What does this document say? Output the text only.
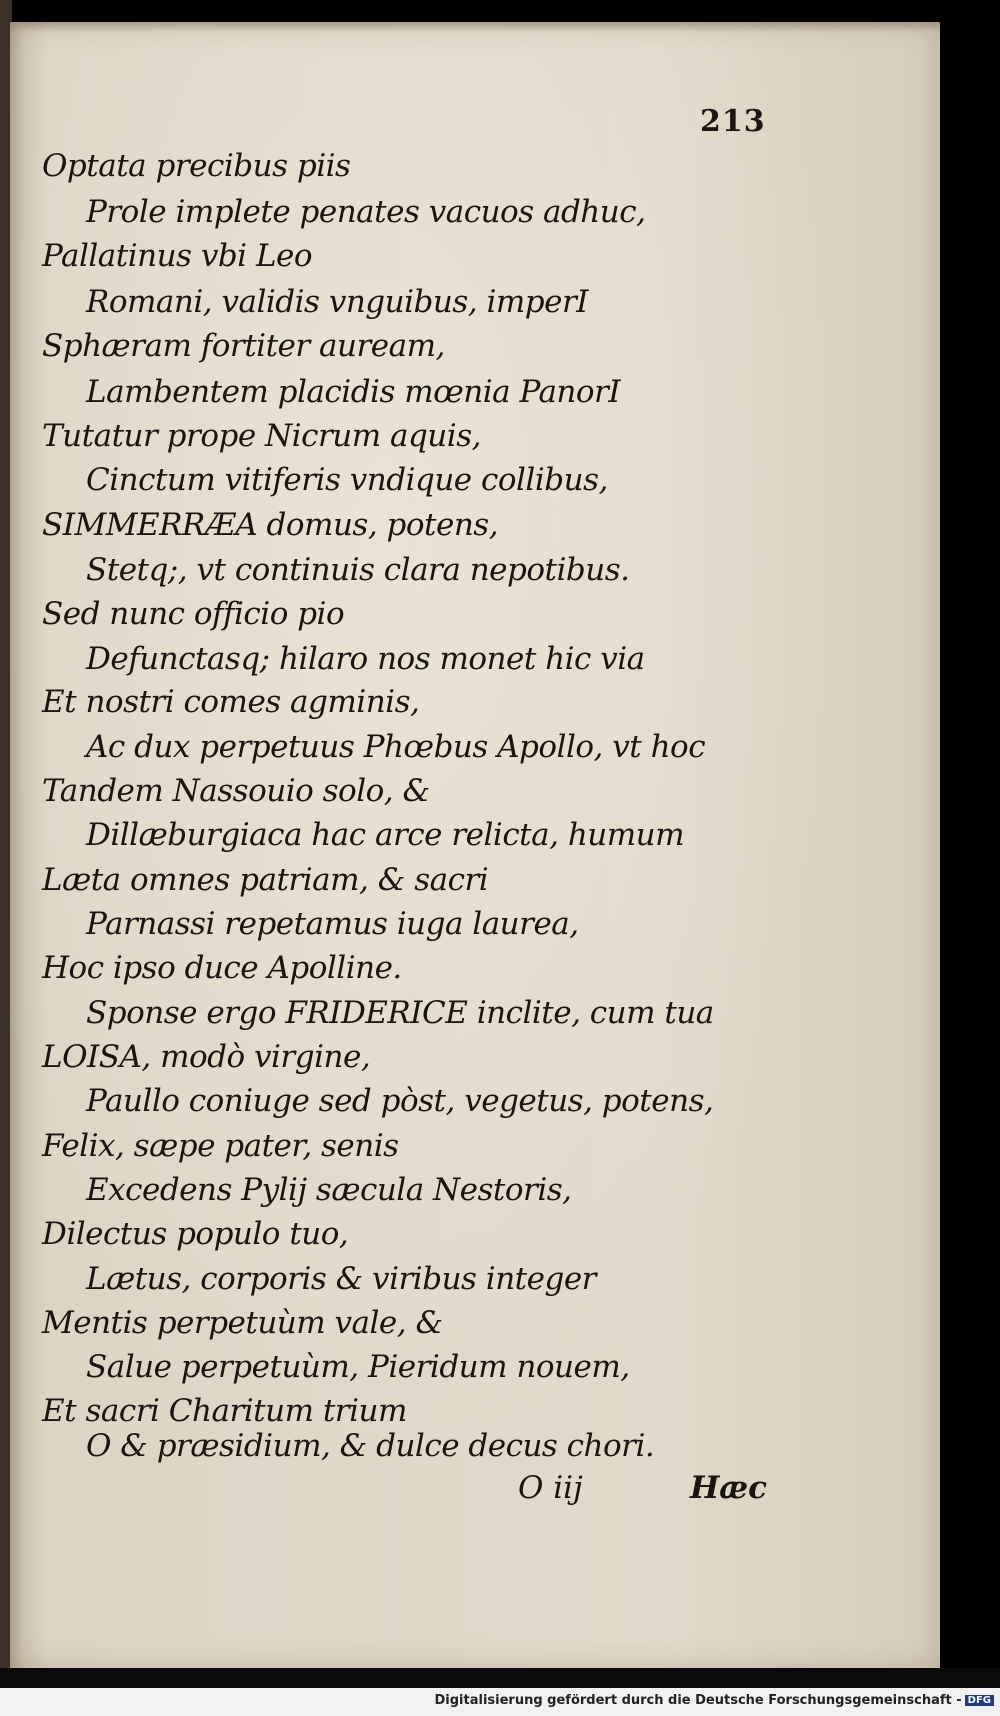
213
Optata precibus piis
Prole implete penates vacuos adhuc,
Pallatinus vbi Leo
Romani, validis vnguibus, imperI
Sphæram fortiter auream,
Lambentem placidis mœnia PanorI
Tutatur prope Nicrum aquis,
Cinctum vitiferis vndique collibus,
SIMMERRÆA domus, potens,
Stetq;, vt continuis clara nepotibus.
Sed nunc officio pio
Defunctasq; hilaro nos monet hic via
Et nostri comes agminis,
Ac dux perpetuus Phœbus Apollo, vt hoc
Tandem Nassouio solo, &
Dillæburgiaca hac arce relicta, humum
Læta omnes patriam, & sacri
Parnassi repetamus iuga laurea,
Hoc ipso duce Apolline.
Sponse ergo FRIDERICE inclite, cum tua
LOISA, modò virgine,
Paullo coniuge sed pòst, vegetus, potens,
Felix, sæpe pater, senis
Excedens Pylij sæcula Nestoris,
Dilectus populo tuo,
Lætus, corporis & viribus integer
Mentis perpetuùm vale, &
Salue perpetuùm, Pieridum nouem,
Et sacri Charitum trium
O & præsidium, & dulce decus chori.
O iij	Hæc
Digitalisierung gefördert durch die Deutsche Forschungsgemeinschaft - DFG
